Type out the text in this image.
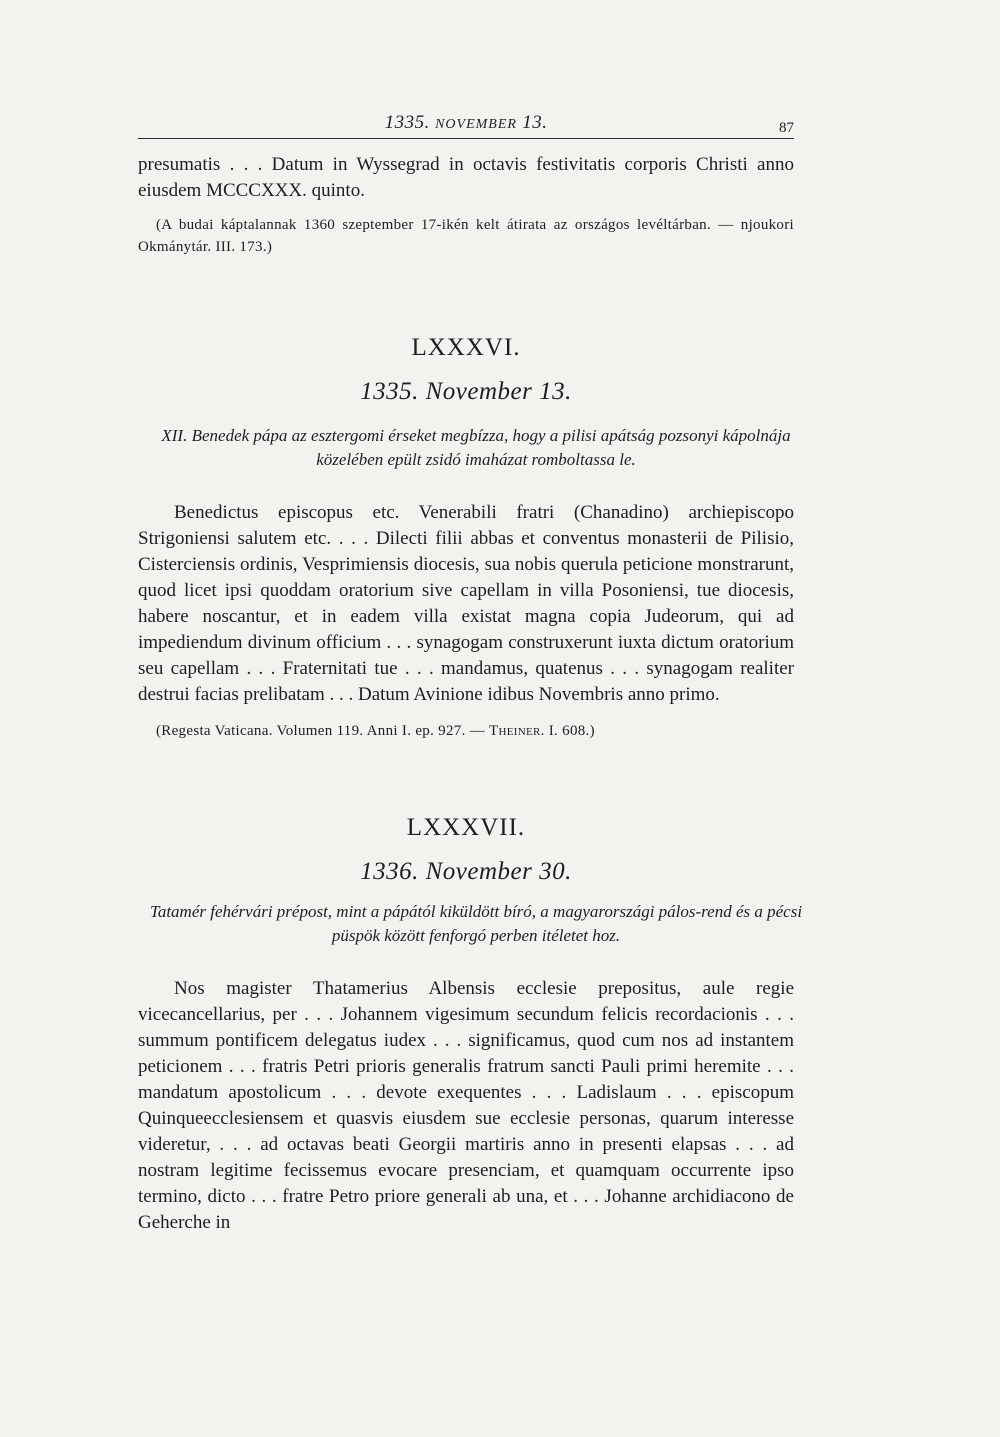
1335. NOVEMBER 13.	87

presumatis . . . Datum in Wyssegrad in octavis festivitatis corporis Christi anno eiusdem MCCCXXX. quinto.

(A budai káptalannak 1360 szeptember 17-ikén kelt átirata az országos levéltárban. — njoukori Okmánytár. III. 173.)
LXXXVI.
1335. November 13.
XII. Benedek pápa az esztergomi érseket megbízza, hogy a pilisi apátság pozsonyi kápolnája közelében epült zsidó imaházat romboltassa le.

Benedictus episcopus etc. Venerabili fratri (Chanadino) archiepiscopo Strigoniensi salutem etc. . . . Dilecti filii abbas et conventus monasterii de Pilisio, Cisterciensis ordinis, Vesprimiensis diocesis, sua nobis querula peticione monstrarunt, quod licet ipsi quoddam oratorium sive capellam in villa Posoniensi, tue diocesis, habere noscantur, et in eadem villa existat magna copia Judeorum, qui ad impediendum divinum officium . . . synagogam construxerunt iuxta dictum oratorium seu capellam . . . Fraternitati tue . . . mandamus, quatenus . . . synagogam realiter destrui facias prelibatam . . . Datum Avinione idibus Novembris anno primo.

(Regesta Vaticana. Volumen 119. Anni I. ep. 927. — Theiner. I. 608.)
LXXXVII.
1336. November 30.
Tatamér fehérvári prépost, mint a pápától kiküldött bíró, a magyarországi pálos-rend és a pécsi püspök között fenforgó perben itéletet hoz.

Nos magister Thatamerius Albensis ecclesie prepositus, aule regie vicecancellarius, per . . . Johannem vigesimum secundum felicis recordacionis . . . summum pontificem delegatus iudex . . . significamus, quod cum nos ad instantem peticionem . . . fratris Petri prioris generalis fratrum sancti Pauli primi heremite . . . mandatum apostolicum . . . devote exequentes . . . Ladislaum . . . episcopum Quinqueecclesiensem et quasvis eiusdem sue ecclesie personas, quarum interesse videretur, . . . ad octavas beati Georgii martiris anno in presenti elapsas . . . ad nostram legitime fecissemus evocare presenciam, et quamquam occurrente ipso termino, dicto . . . fratre Petro priore generali ab una, et . . . Johanne archidiacono de Geherche in
